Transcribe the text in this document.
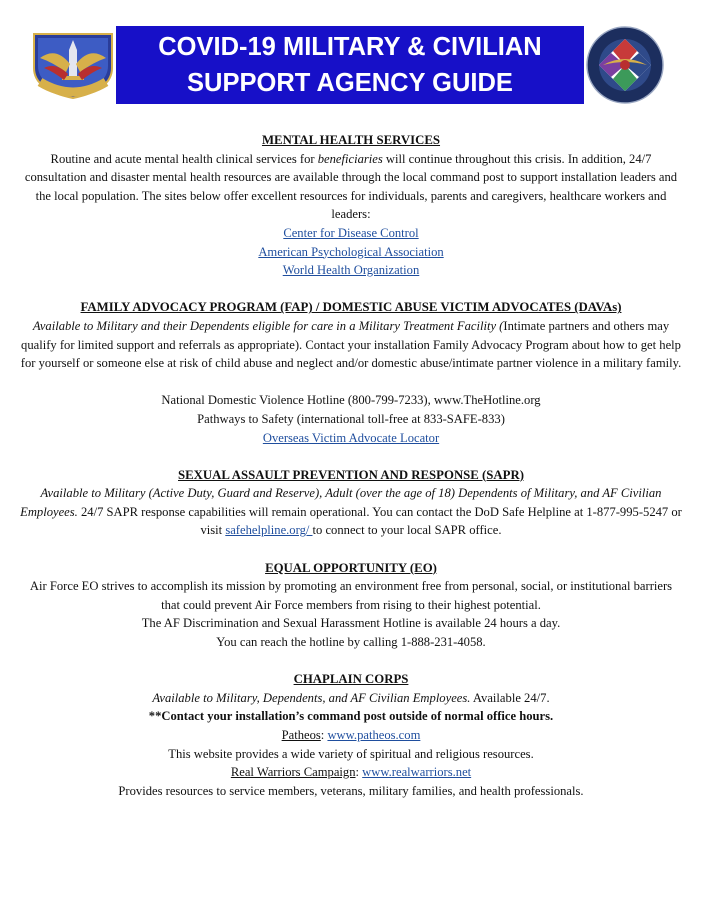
COVID-19 MILITARY & CIVILIAN
SUPPORT AGENCY GUIDE
MENTAL HEALTH SERVICES
Routine and acute mental health clinical services for beneficiaries will continue throughout this crisis. In addition, 24/7 consultation and disaster mental health resources are available through the local command post to support installation leaders and the local population. The sites below offer excellent resources for individuals, parents and caregivers, healthcare workers and leaders:
Center for Disease Control
American Psychological Association
World Health Organization
FAMILY ADVOCACY PROGRAM (FAP) / DOMESTIC ABUSE VICTIM ADVOCATES (DAVAs)
Available to Military and their Dependents eligible for care in a Military Treatment Facility (Intimate partners and others may qualify for limited support and referrals as appropriate). Contact your installation Family Advocacy Program about how to get help for yourself or someone else at risk of child abuse and neglect and/or domestic abuse/intimate partner violence in a military family.
National Domestic Violence Hotline (800-799-7233), www.TheHotline.org
Pathways to Safety (international toll-free at 833-SAFE-833)
Overseas Victim Advocate Locator
SEXUAL ASSAULT PREVENTION AND RESPONSE (SAPR)
Available to Military (Active Duty, Guard and Reserve), Adult (over the age of 18) Dependents of Military, and AF Civilian Employees. 24/7 SAPR response capabilities will remain operational. You can contact the DoD Safe Helpline at 1-877-995-5247 or visit safehelpline.org/ to connect to your local SAPR office.
EQUAL OPPORTUNITY (EO)
Air Force EO strives to accomplish its mission by promoting an environment free from personal, social, or institutional barriers that could prevent Air Force members from rising to their highest potential.
The AF Discrimination and Sexual Harassment Hotline is available 24 hours a day.
You can reach the hotline by calling 1-888-231-4058.
CHAPLAIN CORPS
Available to Military, Dependents, and AF Civilian Employees. Available 24/7.
**Contact your installation’s command post outside of normal office hours.
Patheos: www.patheos.com
This website provides a wide variety of spiritual and religious resources.
Real Warriors Campaign: www.realwarriors.net
Provides resources to service members, veterans, military families, and health professionals.
